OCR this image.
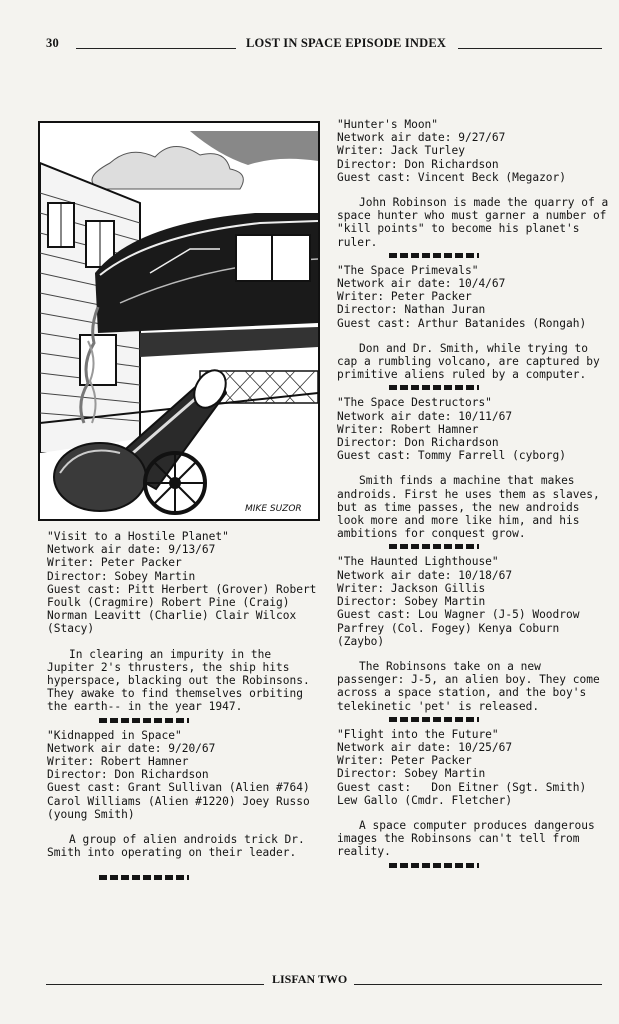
30	LOST IN SPACE EPISODE INDEX
MIKE SUZOR

"Visit to a Hostile Planet"

Network air date: 9/13/67

Writer: Peter Packer

Director: Sobey Martin

Guest cast: Pitt Herbert (Grover) Robert Foulk (Cragmire) Robert Pine (Craig) Norman Leavitt (Charlie) Clair Wilcox (Stacy)

In clearing an impurity in the Jupiter 2's thrusters, the ship hits hyperspace, blacking out the Robinsons. They awake to find themselves orbiting the earth-- in the year 1947.

"Kidnapped in Space"

Network air date: 9/20/67

Writer: Robert Hamner

Director: Don Richardson

Guest cast: Grant Sullivan (Alien #764) Carol Williams (Alien #1220) Joey Russo (young Smith)

A group of alien androids trick Dr. Smith into operating on their leader.

"Hunter's Moon"

Network air date: 9/27/67

Writer: Jack Turley

Director: Don Richardson

Guest cast: Vincent Beck (Megazor)

John Robinson is made the quarry of a space hunter who must garner a number of "kill points" to become his planet's ruler.

"The Space Primevals"

Network air date: 10/4/67

Writer: Peter Packer

Director: Nathan Juran

Guest cast: Arthur Batanides (Rongah)

Don and Dr. Smith, while trying to cap a rumbling volcano, are captured by primitive aliens ruled by a computer.

"The Space Destructors"

Network air date: 10/11/67

Writer: Robert Hamner

Director: Don Richardson

Guest cast: Tommy Farrell (cyborg)

Smith finds a machine that makes androids. First he uses them as slaves, but as time passes, the new androids look more and more like him, and his ambitions for conquest grow.

"The Haunted Lighthouse"

Network air date: 10/18/67

Writer: Jackson Gillis

Director: Sobey Martin

Guest cast: Lou Wagner (J-5) Woodrow Parfrey (Col. Fogey) Kenya Coburn (Zaybo)

The Robinsons take on a new passenger: J-5, an alien boy. They come across a space station, and the boy's telekinetic 'pet' is released.

"Flight into the Future"

Network air date: 10/25/67

Writer: Peter Packer

Director: Sobey Martin

Guest cast:   Don Eitner (Sgt. Smith) Lew Gallo (Cmdr. Fletcher)

A space computer produces dangerous images the Robinsons can't tell from reality.

LISFAN TWO
